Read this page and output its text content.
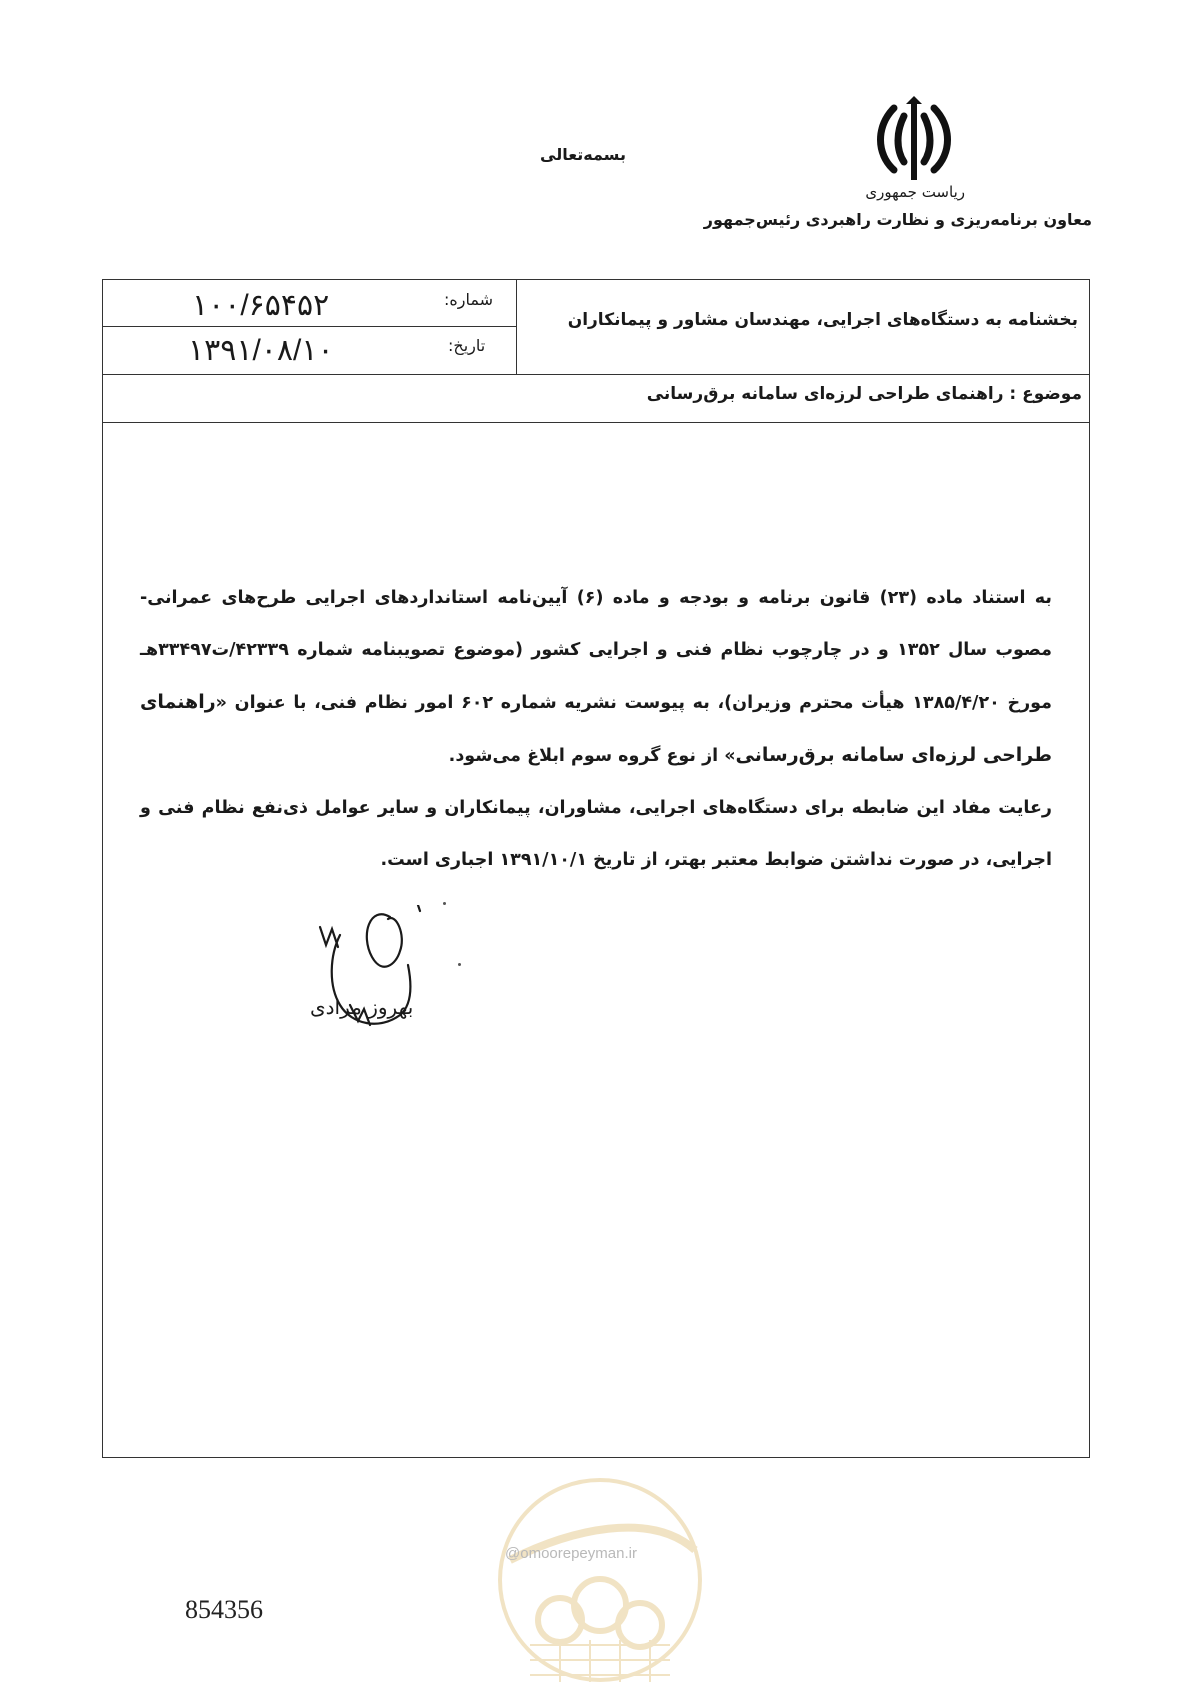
ریاست جمهوری
معاون برنامه‌ریزی و نظارت راهبردی رئیس‌جمهور
بسمه‌تعالی
بخشنامه به دستگاه‌های اجرایی، مهندسان مشاور و پیمانکاران
شماره:
تاریخ:
۱۰۰/۶۵۴۵۲
۱۳۹۱/۰۸/۱۰
موضوع : راهنمای طراحی لرزه‌ای سامانه برق‌رسانی

به استناد ماده (۲۳) قانون برنامه و بودجه و ماده (۶) آیین‌نامه استانداردهای اجرایی طرح‌های عمرانی- مصوب سال ۱۳۵۲ و در چارچوب نظام فنی و اجرایی کشور (موضوع تصویبنامه شماره ۴۲۳۳۹/ت۳۳۴۹۷هـ مورخ ۱۳۸۵/۴/۲۰ هیأت محترم وزیران)، به پیوست نشریه شماره ۶۰۲ امور نظام فنی، با عنوان «راهنمای طراحی لرزه‌ای سامانه برق‌رسانی» از نوع گروه سوم ابلاغ می‌شود.

رعایت مفاد این ضابطه برای دستگاه‌های اجرایی، مشاوران، پیمانکاران و سایر عوامل ذی‌نفع نظام فنی و اجرایی، در صورت نداشتن ضوابط معتبر بهتر، از تاریخ ۱۳۹۱/۱۰/۱ اجباری است.

بهروز مرادی
@omoorepeyman.ir
854356
